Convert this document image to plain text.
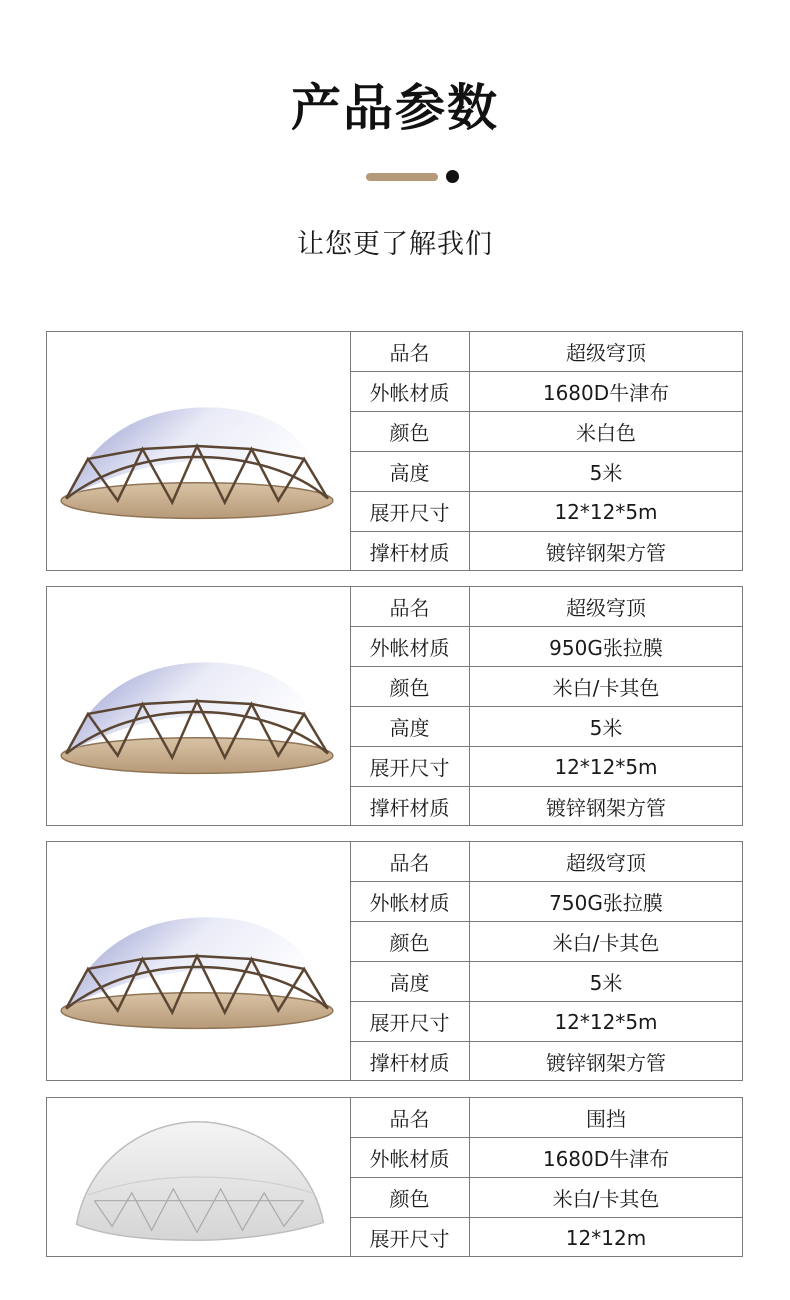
产品参数
让您更了解我们
品名	超级穹顶
外帐材质	1680D牛津布
颜色	米白色
高度	5米
展开尺寸	12*12*5m
撑杆材质	镀锌钢架方管
品名	超级穹顶
外帐材质	950G张拉膜
颜色	米白/卡其色
高度	5米
展开尺寸	12*12*5m
撑杆材质	镀锌钢架方管
品名	超级穹顶
外帐材质	750G张拉膜
颜色	米白/卡其色
高度	5米
展开尺寸	12*12*5m
撑杆材质	镀锌钢架方管
品名	围挡
外帐材质	1680D牛津布
颜色	米白/卡其色
展开尺寸	12*12m
